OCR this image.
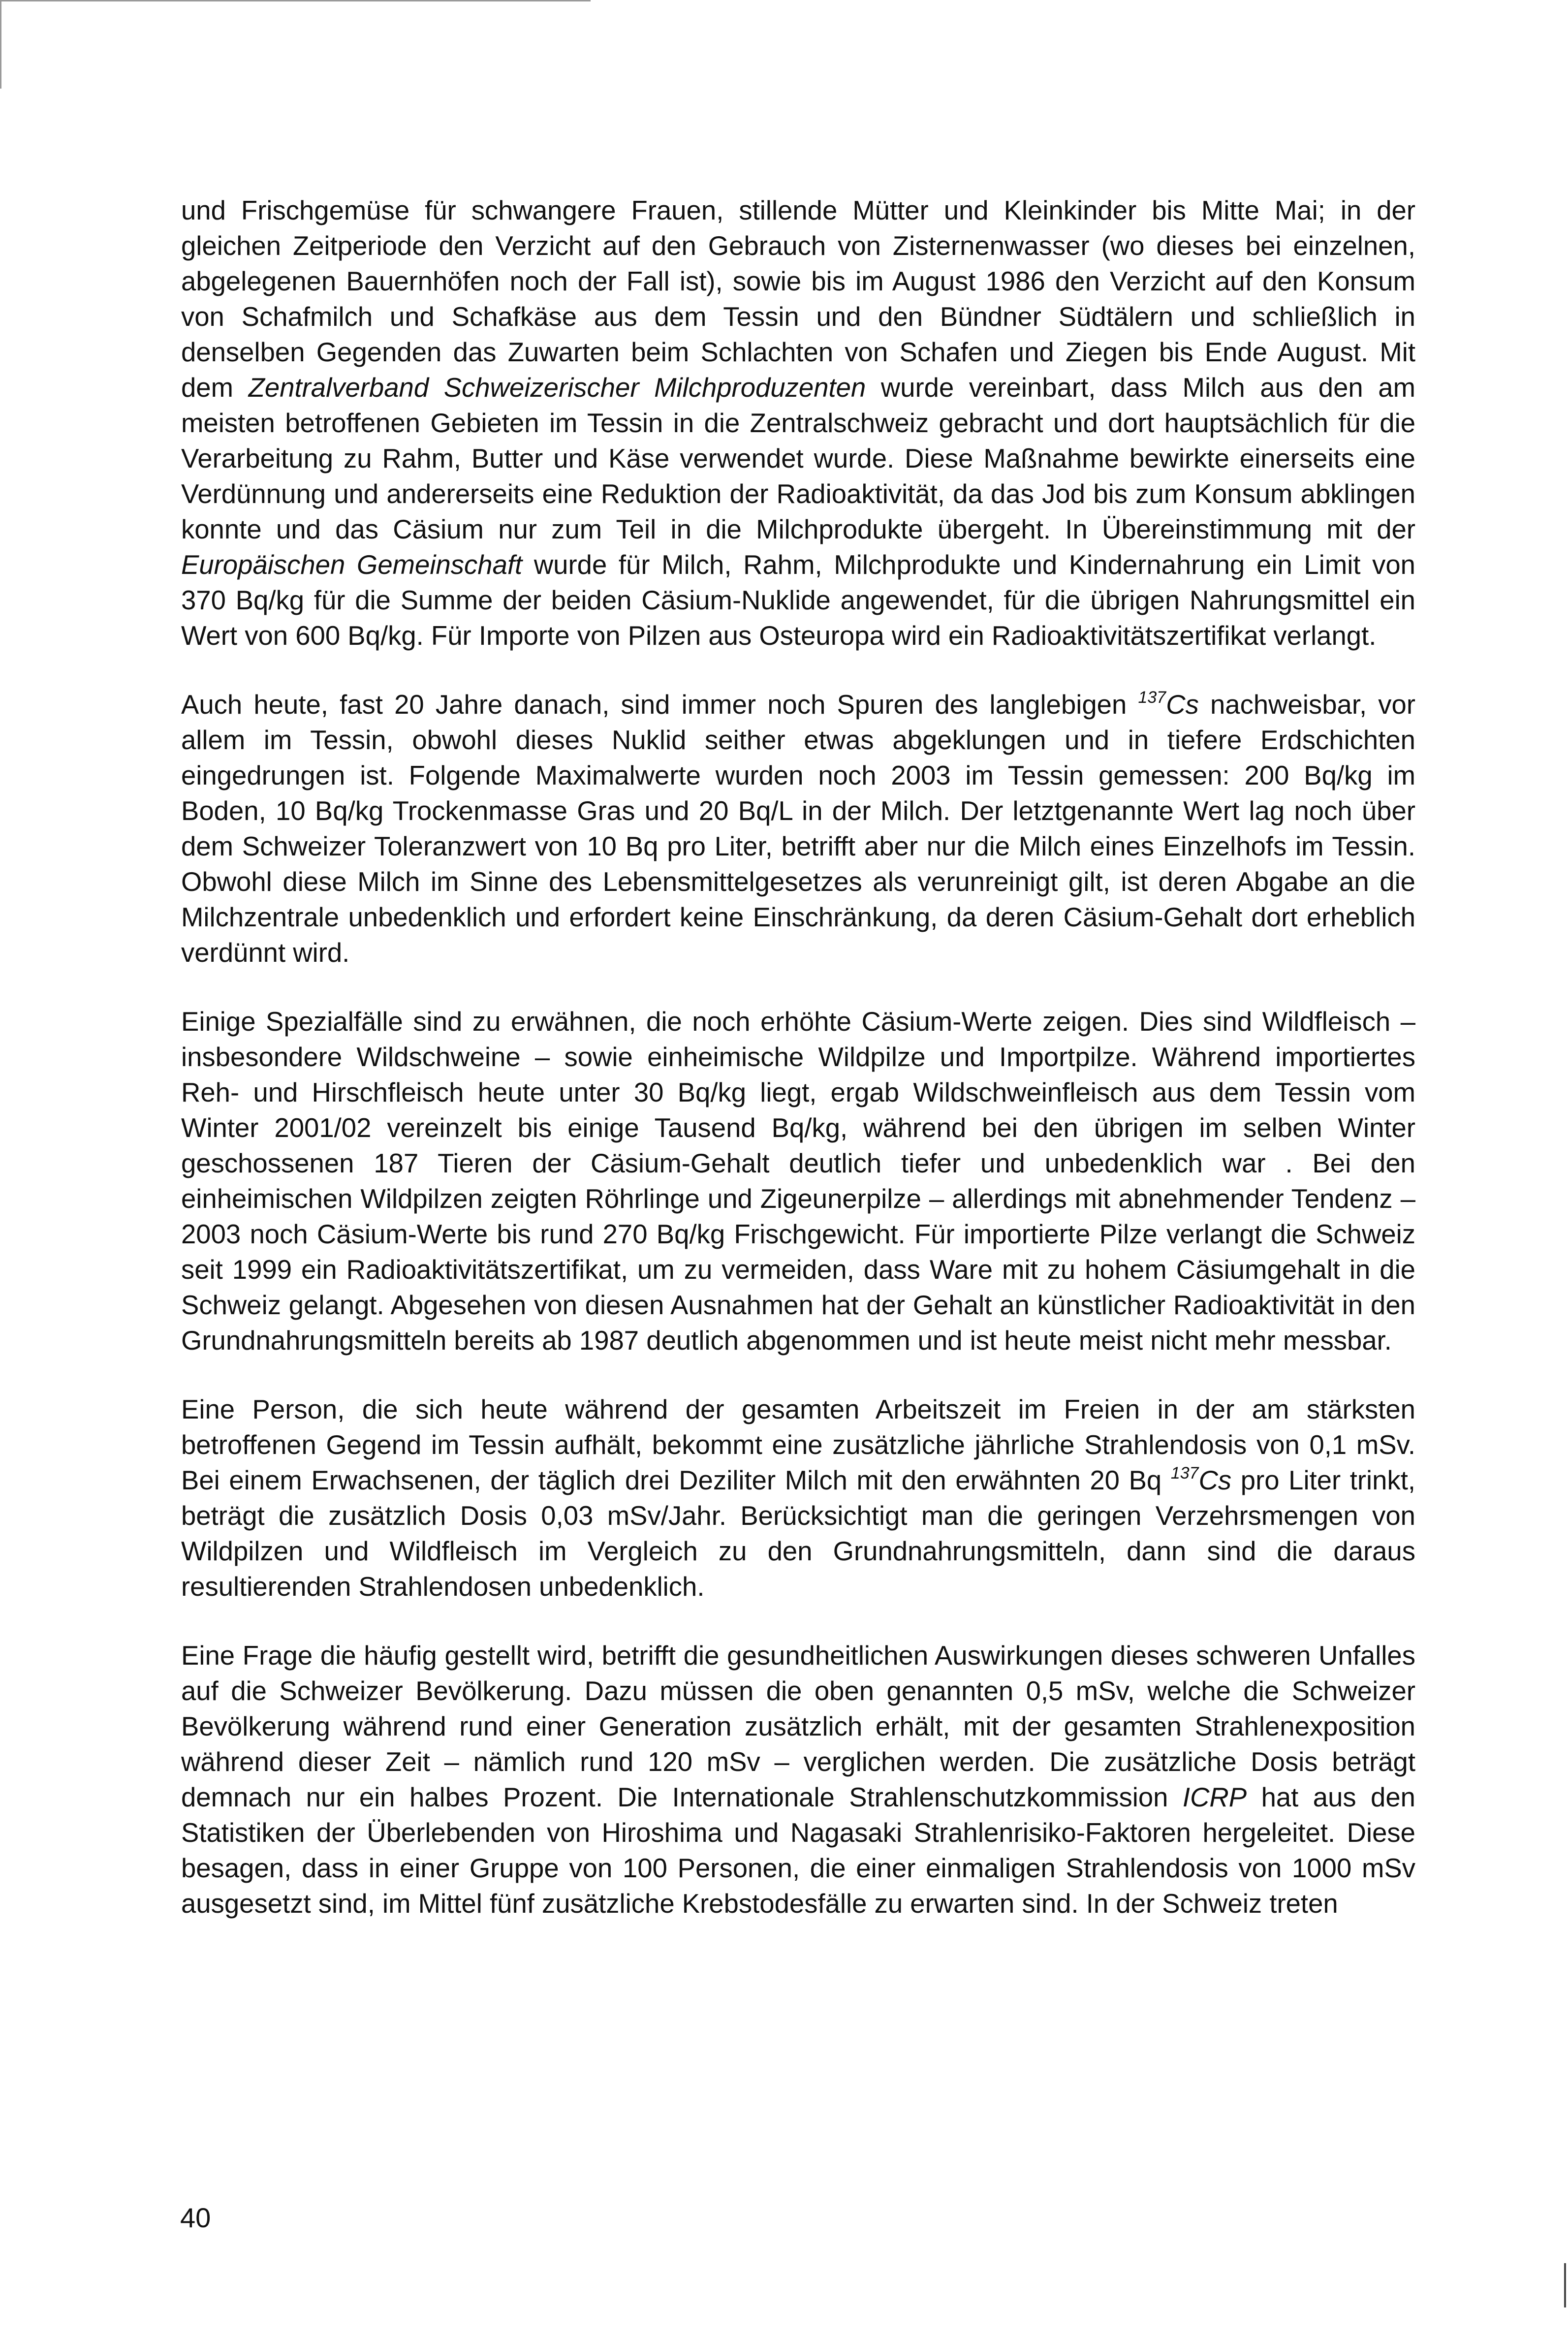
und Frischgemüse für schwangere Frauen, stillende Mütter und Kleinkinder bis Mitte Mai; in der gleichen Zeitperiode den Verzicht auf den Gebrauch von Zisternenwasser (wo dieses bei einzelnen, abgelegenen Bauernhöfen noch der Fall ist), sowie bis im August 1986 den Verzicht auf den Konsum von Schafmilch und Schafkäse aus dem Tessin und den Bündner Südtälern und schließlich in denselben Gegenden das Zuwarten beim Schlachten von Schafen und Ziegen bis Ende August. Mit dem Zentralverband Schweizerischer Milchproduzenten wurde vereinbart, dass Milch aus den am meisten betroffenen Gebieten im Tessin in die Zentralschweiz gebracht und dort hauptsächlich für die Verarbeitung zu Rahm, Butter und Käse verwendet wurde. Diese Maßnahme bewirkte einerseits eine Verdünnung und andererseits eine Reduktion der Radioaktivität, da das Jod bis zum Konsum abklingen konnte und das Cäsium nur zum Teil in die Milchprodukte übergeht. In Übereinstimmung mit der Europäischen Gemeinschaft wurde für Milch, Rahm, Milchprodukte und Kindernahrung ein Limit von 370 Bq/kg für die Summe der beiden Cäsium-Nuklide angewendet, für die übrigen Nahrungsmittel ein Wert von 600 Bq/kg. Für Importe von Pilzen aus Osteuropa wird ein Radioaktivitätszertifikat verlangt.

Auch heute, fast 20 Jahre danach, sind immer noch Spuren des langlebigen $^{137}$Cs nachweisbar, vor allem im Tessin, obwohl dieses Nuklid seither etwas abgeklungen und in tiefere Erdschichten eingedrungen ist. Folgende Maximalwerte wurden noch 2003 im Tessin gemessen: 200 Bq/kg im Boden, 10 Bq/kg Trockenmasse Gras und 20 Bq/L in der Milch. Der letztgenannte Wert lag noch über dem Schweizer Toleranzwert von 10 Bq pro Liter, betrifft aber nur die Milch eines Einzelhofs im Tessin. Obwohl diese Milch im Sinne des Lebensmittelgesetzes als verunreinigt gilt, ist deren Abgabe an die Milchzentrale unbedenklich und erfordert keine Einschränkung, da deren Cäsium-Gehalt dort erheblich verdünnt wird.

Einige Spezialfälle sind zu erwähnen, die noch erhöhte Cäsium-Werte zeigen. Dies sind Wildfleisch – insbesondere Wildschweine – sowie einheimische Wildpilze und Importpilze. Während importiertes Reh- und Hirschfleisch heute unter 30 Bq/kg liegt, ergab Wildschweinfleisch aus dem Tessin vom Winter 2001/02 vereinzelt bis einige Tausend Bq/kg, während bei den übrigen im selben Winter geschossenen 187 Tieren der Cäsium-Gehalt deutlich tiefer und unbedenklich war . Bei den einheimischen Wildpilzen zeigten Röhrlinge und Zigeunerpilze – allerdings mit abnehmender Tendenz – 2003 noch Cäsium-Werte bis rund 270 Bq/kg Frischgewicht. Für importierte Pilze verlangt die Schweiz seit 1999 ein Radioaktivitätszertifikat, um zu vermeiden, dass Ware mit zu hohem Cäsiumgehalt in die Schweiz gelangt. Abgesehen von diesen Ausnahmen hat der Gehalt an künstlicher Radioaktivität in den Grundnahrungsmitteln bereits ab 1987 deutlich abgenommen und ist heute meist nicht mehr messbar.

Eine Person, die sich heute während der gesamten Arbeitszeit im Freien in der am stärksten betroffenen Gegend im Tessin aufhält, bekommt eine zusätzliche jährliche Strahlendosis von 0,1 mSv. Bei einem Erwachsenen, der täglich drei Deziliter Milch mit den erwähnten 20 Bq $^{137}$Cs pro Liter trinkt, beträgt die zusätzlich Dosis 0,03 mSv/Jahr. Berücksichtigt man die geringen Verzehrsmengen von Wildpilzen und Wildfleisch im Vergleich zu den Grundnahrungsmitteln, dann sind die daraus resultierenden Strahlendosen unbedenklich.

Eine Frage die häufig gestellt wird, betrifft die gesundheitlichen Auswirkungen dieses schweren Unfalles auf die Schweizer Bevölkerung. Dazu müssen die oben genannten 0,5 mSv, welche die Schweizer Bevölkerung während rund einer Generation zusätzlich erhält, mit der gesamten Strahlenexposition während dieser Zeit – nämlich rund 120 mSv – verglichen werden. Die zusätzliche Dosis beträgt demnach nur ein halbes Prozent. Die Internationale Strahlenschutzkommission ICRP hat aus den Statistiken der Überlebenden von Hiroshima und Nagasaki Strahlenrisiko-Faktoren hergeleitet. Diese besagen, dass in einer Gruppe von 100 Personen, die einer einmaligen Strahlendosis von 1000 mSv ausgesetzt sind, im Mittel fünf zusätzliche Krebstodesfälle zu erwarten sind. In der Schweiz treten

40
